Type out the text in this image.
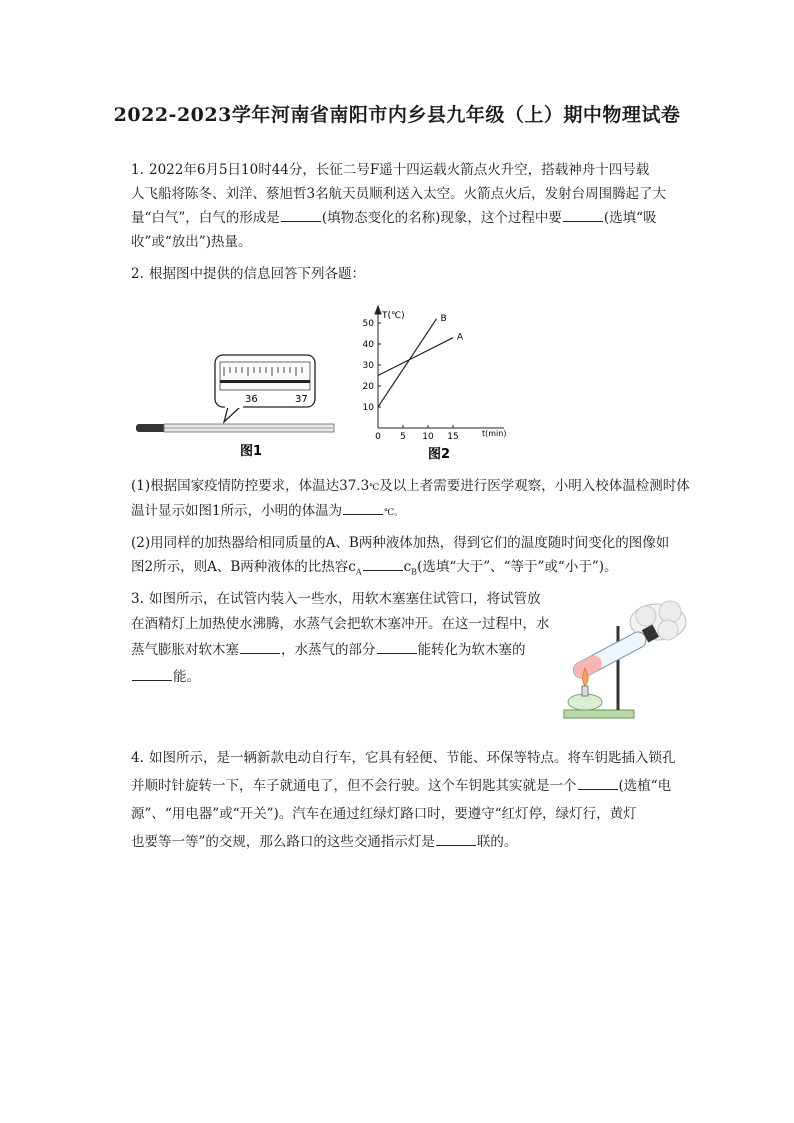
2022-2023学年河南省南阳市内乡县九年级（上）期中物理试卷
1. 2022年6月5日10时44分，长征二号F遥十四运载火箭点火升空，搭载神舟十四号载
人飞船将陈冬、刘洋、蔡旭哲3名航天员顺利送入太空。火箭点火后，发射台周围腾起了大
量“白气”，白气的形成是	(填物态变化的名称)现象，这个过程中要	(选填“吸
收”或“放出”)热量。
2. 根据图中提供的信息回答下列各题：
36	37
图1
T(℃)
t(min)
10
20
30
40
50
0 5 10 15
A
B
图2
(1)根据国家疫情防控要求，体温达37.3℃及以上者需要进行医学观察，小明入校体温检测时体
温计显示如图1所示，小明的体温为	℃。
(2)用同样的加热器给相同质量的A、B两种液体加热，得到它们的温度随时间变化的图像如
图2所示，则A、B两种液体的比热容$c_A$	$c_B$(选填“大于”、“等于”或“小于”)。
3. 如图所示，在试管内装入一些水，用软木塞塞住试管口，将试管放
在酒精灯上加热使水沸腾，水蒸气会把软木塞冲开。在这一过程中，水
蒸气膨胀对软木塞	，水蒸气的部分	能转化为软木塞的
能。
4. 如图所示，是一辆新款电动自行车，它具有轻便、节能、环保等特点。将车钥匙插入锁孔
并顺时针旋转一下，车子就通电了，但不会行驶。这个车钥匙其实就是一个	(选植“电
源”、“用电器”或“开关”)。汽车在通过红绿灯路口时，要遵守“红灯停，绿灯行，黄灯
也要等一等”的交规，那么路口的这些交通指示灯是	联的。
